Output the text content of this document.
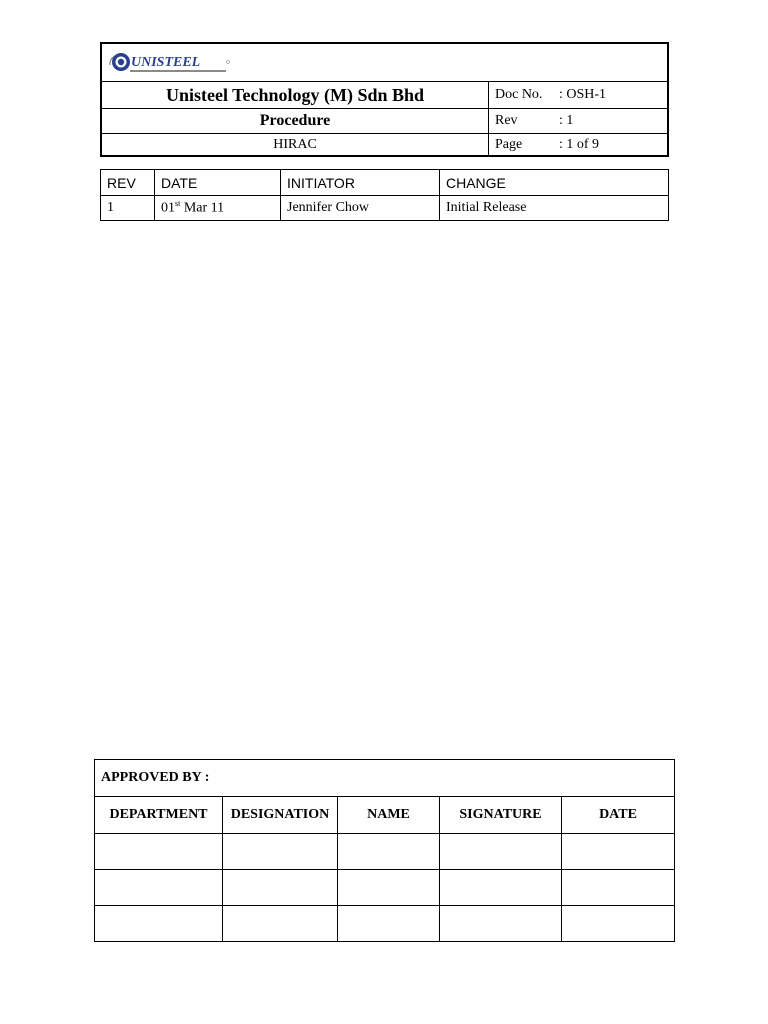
UNISTEEL
Unisteel Technology (M) Sdn Bhd	Doc No.	: OSH-1
Procedure	Rev	: 1
HIRAC	Page	: 1 of 9
REV	DATE	INITIATOR	CHANGE
1	01st Mar 11	Jennifer Chow	Initial Release
APPROVED BY :				
DEPARTMENT	DESIGNATION	NAME	SIGNATURE	DATE
